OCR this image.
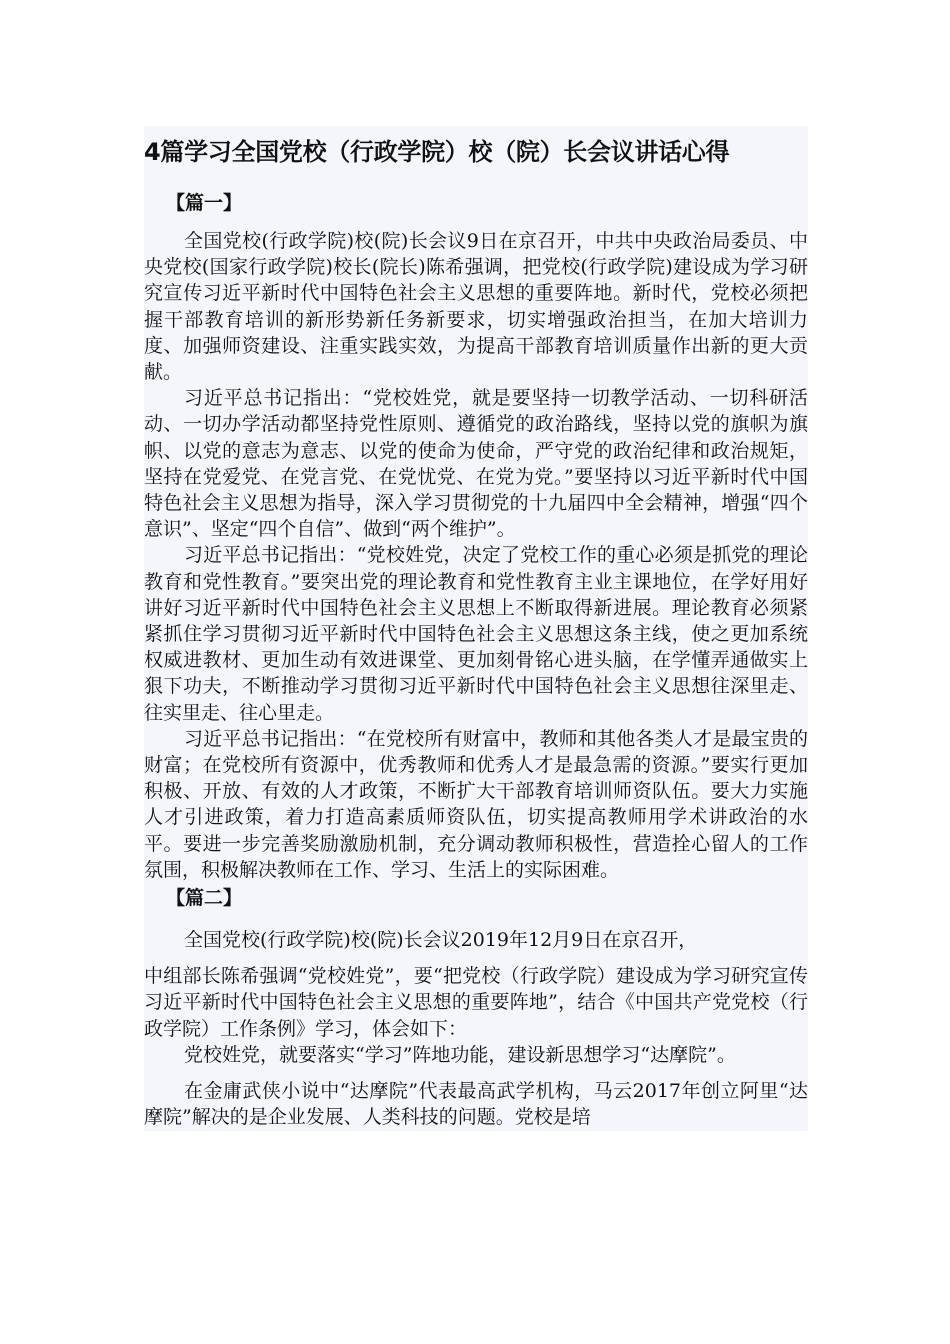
4篇学习全国党校（行政学院）校（院）长会议讲话心得

【篇一】

全国党校(行政学院)校(院)长会议9日在京召开，中共中央政治局委员、中央党校(国家行政学院)校长(院长)陈希强调，把党校(行政学院)建设成为学习研究宣传习近平新时代中国特色社会主义思想的重要阵地。新时代，党校必须把握干部教育培训的新形势新任务新要求，切实增强政治担当，在加大培训力度、加强师资建设、注重实践实效，为提高干部教育培训质量作出新的更大贡献。

习近平总书记指出：“党校姓党，就是要坚持一切教学活动、一切科研活动、一切办学活动都坚持党性原则、遵循党的政治路线，坚持以党的旗帜为旗帜、以党的意志为意志、以党的使命为使命，严守党的政治纪律和政治规矩，坚持在党爱党、在党言党、在党忧党、在党为党。”要坚持以习近平新时代中国特色社会主义思想为指导，深入学习贯彻党的十九届四中全会精神，增强“四个意识”、坚定“四个自信”、做到“两个维护”。

习近平总书记指出：“党校姓党，决定了党校工作的重心必须是抓党的理论教育和党性教育。”要突出党的理论教育和党性教育主业主课地位，在学好用好讲好习近平新时代中国特色社会主义思想上不断取得新进展。理论教育必须紧紧抓住学习贯彻习近平新时代中国特色社会主义思想这条主线，使之更加系统权威进教材、更加生动有效进课堂、更加刻骨铭心进头脑，在学懂弄通做实上狠下功夫，不断推动学习贯彻习近平新时代中国特色社会主义思想往深里走、往实里走、往心里走。

习近平总书记指出：“在党校所有财富中，教师和其他各类人才是最宝贵的财富；在党校所有资源中，优秀教师和优秀人才是最急需的资源。”要实行更加积极、开放、有效的人才政策，不断扩大干部教育培训师资队伍。要大力实施人才引进政策，着力打造高素质师资队伍，切实提高教师用学术讲政治的水平。要进一步完善奖励激励机制，充分调动教师积极性，营造拴心留人的工作氛围，积极解决教师在工作、学习、生活上的实际困难。

【篇二】

全国党校(行政学院)校(院)长会议2019年12月9日在京召开，

中组部长陈希强调“党校姓党”，要“把党校（行政学院）建设成为学习研究宣传习近平新时代中国特色社会主义思想的重要阵地”，结合《中国共产党党校（行政学院）工作条例》学习，体会如下：

党校姓党，就要落实“学习”阵地功能，建设新思想学习“达摩院”。

在金庸武侠小说中“达摩院”代表最高武学机构，马云2017年创立阿里“达摩院”解决的是企业发展、人类科技的问题。党校是培
